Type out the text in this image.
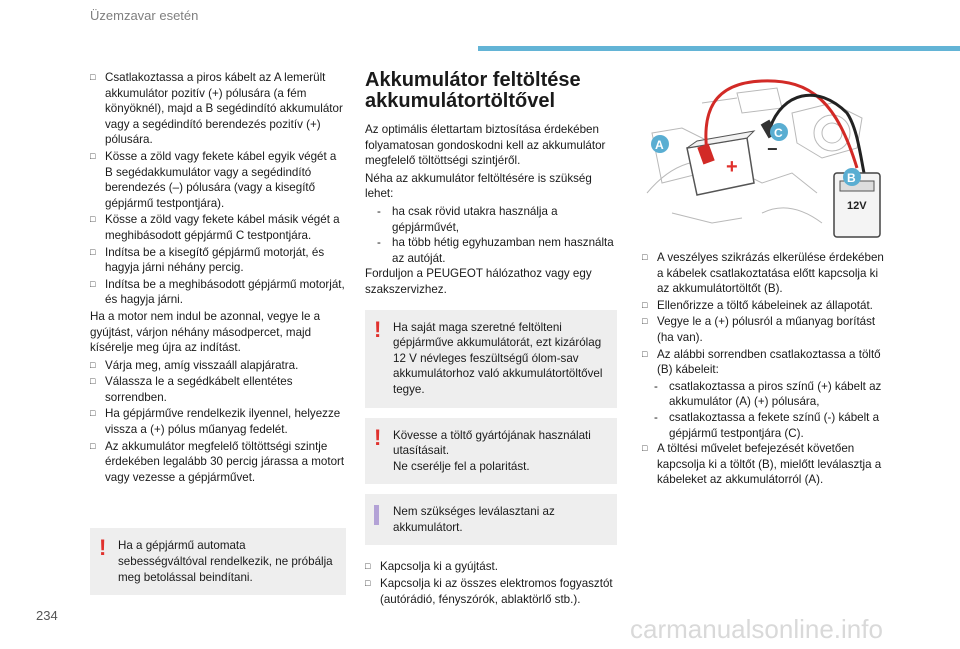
Üzemzavar esetén
□ Csatlakoztassa a piros kábelt az A lemerült akkumulátor pozitív (+) pólusára (a fém könyöknél), majd a B segédindító akkumulátor vagy a segédindító berendezés pozitív (+) pólusára.
□ Kösse a zöld vagy fekete kábel egyik végét a B segédakkumulátor vagy a segédindító berendezés (–) pólusára (vagy a kisegítő gépjármű testpontjára).
□ Kösse a zöld vagy fekete kábel másik végét a meghibásodott gépjármű C testpontjára.
□ Indítsa be a kisegítő gépjármű motorját, és hagyja járni néhány percig.
□ Indítsa be a meghibásodott gépjármű motorját, és hagyja járni.

Ha a motor nem indul be azonnal, vegye le a gyújtást, várjon néhány másodpercet, majd kísérelje meg újra az indítást.

□ Várja meg, amíg visszaáll alapjáratra.
□ Válassza le a segédkábelt ellentétes sorrendben.
□ Ha gépjárműve rendelkezik ilyennel, helyezze vissza a (+) pólus műanyag fedelét.
□ Az akkumulátor megfelelő töltöttségi szintje érdekében legalább 30 percig járassa a motort vagy vezesse a gépjárművet.
! Ha a gépjármű automata sebességváltóval rendelkezik, ne próbálja meg betolással beindítani.
Akkumulátor feltöltése akkumulátortöltővel

Az optimális élettartam biztosítása érdekében folyamatosan gondoskodni kell az akkumulátor megfelelő töltöttségi szintjéről.

Néha az akkumulátor feltöltésére is szükség lehet:

- ha csak rövid utakra használja a gépjárművét,
- ha több hétig egyhuzamban nem használta az autóját.

Forduljon a PEUGEOT hálózathoz vagy egy szakszervizhez.

! Ha saját maga szeretné feltölteni gépjárműve akkumulátorát, ezt kizárólag 12 V névleges feszültségű ólom-sav akkumulátorhoz való akkumulátortöltővel tegye.
! Kövesse a töltő gyártójának használati utasításait.
Ne cserélje fel a polaritást.
Nem szükséges leválasztani az akkumulátort.
□ Kapcsolja ki a gyújtást.
□ Kapcsolja ki az összes elektromos fogyasztót (autórádió, fényszórók, ablaktörlő stb.).
+
−
12V
A
C
B
□ A veszélyes szikrázás elkerülése érdekében a kábelek csatlakoztatása előtt kapcsolja ki az akkumulátortöltőt (B).
□ Ellenőrizze a töltő kábeleinek az állapotát.
□ Vegye le a (+) pólusról a műanyag borítást (ha van).
□ Az alábbi sorrendben csatlakoztassa a töltő (B) kábeleit:
- csatlakoztassa a piros színű (+) kábelt az akkumulátor (A) (+) pólusára,
- csatlakoztassa a fekete színű (-) kábelt a gépjármű testpontjára (C).
□ A töltési művelet befejezését követően kapcsolja ki a töltőt (B), mielőtt leválasztja a kábeleket az akkumulátorról (A).
234	carmanualsonline.info
